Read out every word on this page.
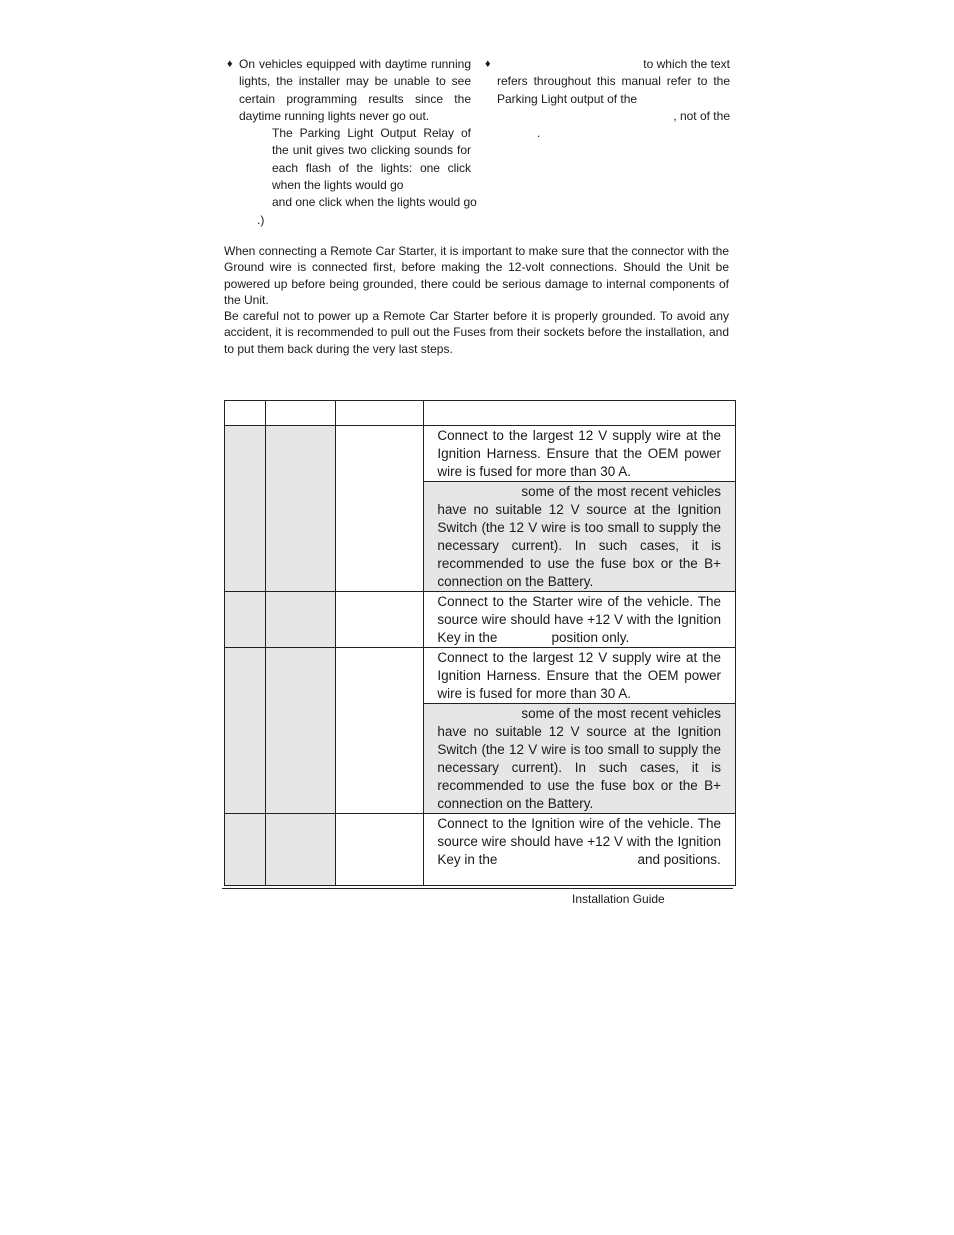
♦ On vehicles equipped with daytime running lights, the installer may be unable to see certain programming results since the daytime running lights never go out.

The Parking Light Output Relay of the unit gives two clicking sounds for each flash of the lights: one click when the lights would go

and one click when the lights would go

.)

♦	to which the text

refers throughout this manual refer to the Parking Light output of the

, not of the

.

When connecting a Remote Car Starter, it is important to make sure that the connector with the Ground wire is connected first, before making the 12-volt connections. Should the Unit be powered up before being grounded, there could be serious damage to internal components of the Unit.

Be careful not to power up a Remote Car Starter before it is properly grounded. To avoid any accident, it is recommended to pull out the Fuses from their sockets before the installation, and to put them back during the very last steps.

			Connect to the largest 12 V supply wire at the Ignition Harness. Ensure that the OEM power wire is fused for more than 30 A.
			some of the most recent vehicles have no suitable 12 V source at the Ignition Switch (the 12 V wire is too small to supply the necessary current). In such cases, it is recommended to use the fuse box or the B+ connection on the Battery.
			Connect to the Starter wire of the vehicle. The source wire should have +12 V with the Ignition Key in the position only.
			Connect to the largest 12 V supply wire at the Ignition Harness. Ensure that the OEM power wire is fused for more than 30 A.
			some of the most recent vehicles have no suitable 12 V source at the Ignition Switch (the 12 V wire is too small to supply the necessary current). In such cases, it is recommended to use the fuse box or the B+ connection on the Battery.
			Connect to the Ignition wire of the vehicle. The source wire should have +12 V with the Ignition Key in the and positions.
Installation Guide
